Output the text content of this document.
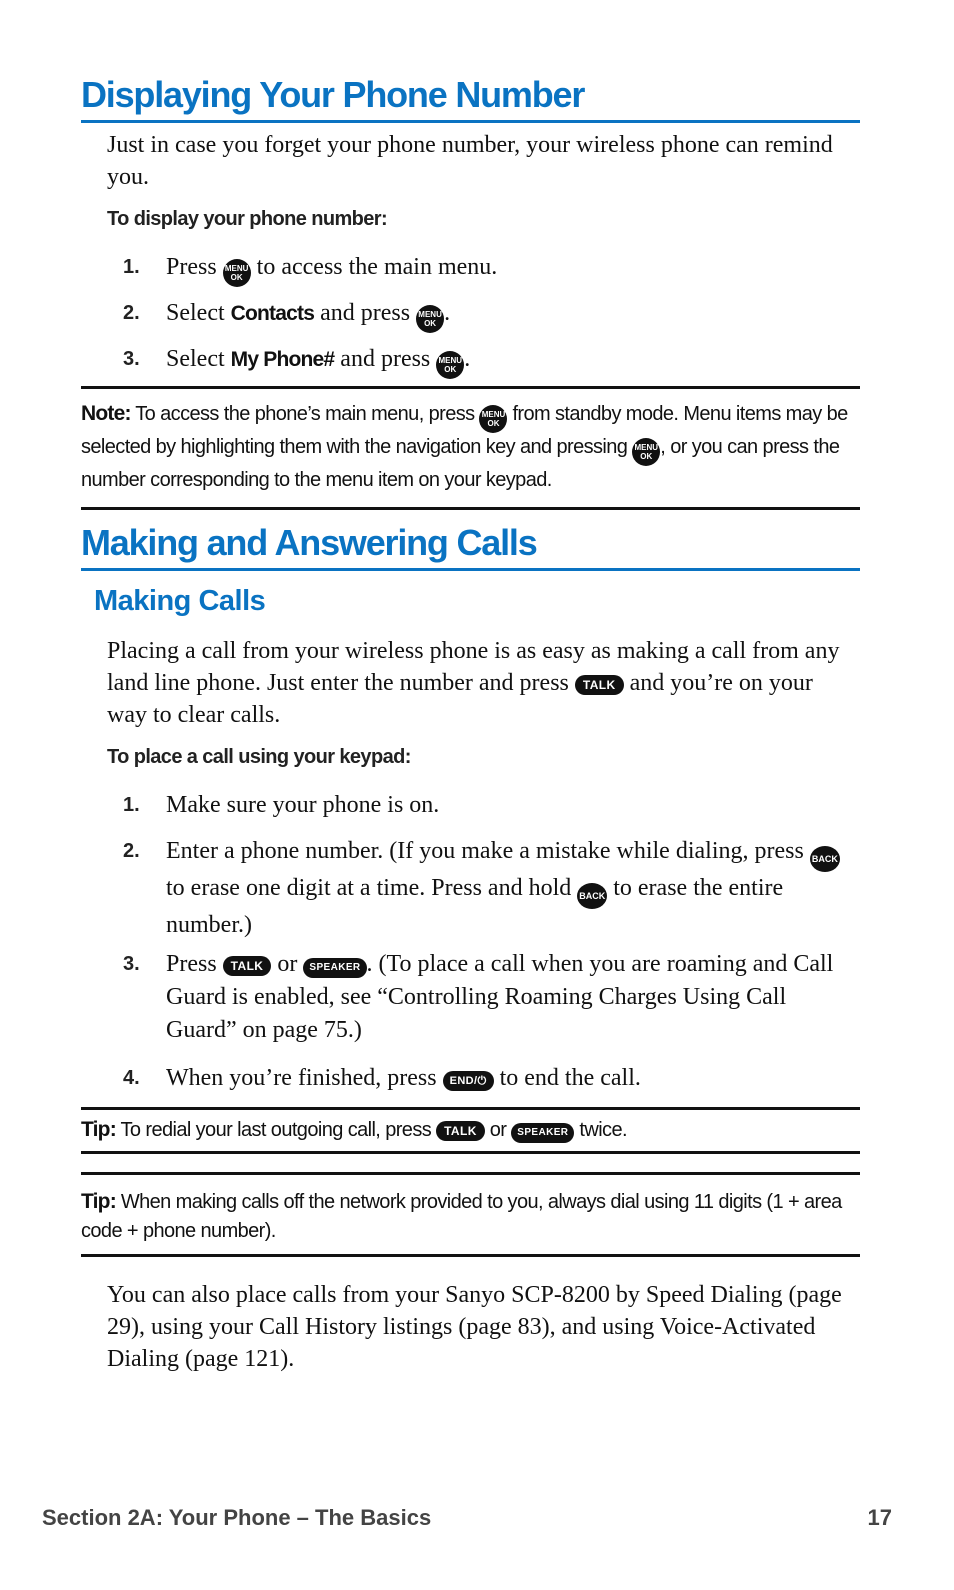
Displaying Your Phone Number
Just in case you forget your phone number, your wireless phone can remind you.
To display your phone number:
1. Press MENU
OK to access the main menu.
2. Select Contacts and press MENU
OK .
3. Select My Phone# and press MENU
OK .
Note: To access the phone’s main menu, press MENU
OK from standby mode. Menu items may be selected by highlighting them with the navigation key and pressing MENU
OK , or you can press the number corresponding to the menu item on your keypad.
Making and Answering Calls
Making Calls
Placing a call from your wireless phone is as easy as making a call from any land line phone. Just enter the number and press TALK and you’re on your way to clear calls.
To place a call using your keypad:
1. Make sure your phone is on.
2. Enter a phone number. (If you make a mistake while dialing, press BACK to erase one digit at a time. Press and hold BACK to erase the entire number.)
3. Press TALK or SPEAKER . (To place a call when you are roaming and Call Guard is enabled, see “Controlling Roaming Charges Using Call Guard” on page 75.)
4. When you’re finished, press END/⏻ to end the call.
Tip: To redial your last outgoing call, press TALK or SPEAKER twice.
Tip: When making calls off the network provided to you, always dial using 11 digits (1 + area code + phone number).
You can also place calls from your Sanyo SCP-8200 by Speed Dialing (page 29), using your Call History listings (page 83), and using Voice-Activated Dialing (page 121).
Section 2A: Your Phone – The Basics	17
